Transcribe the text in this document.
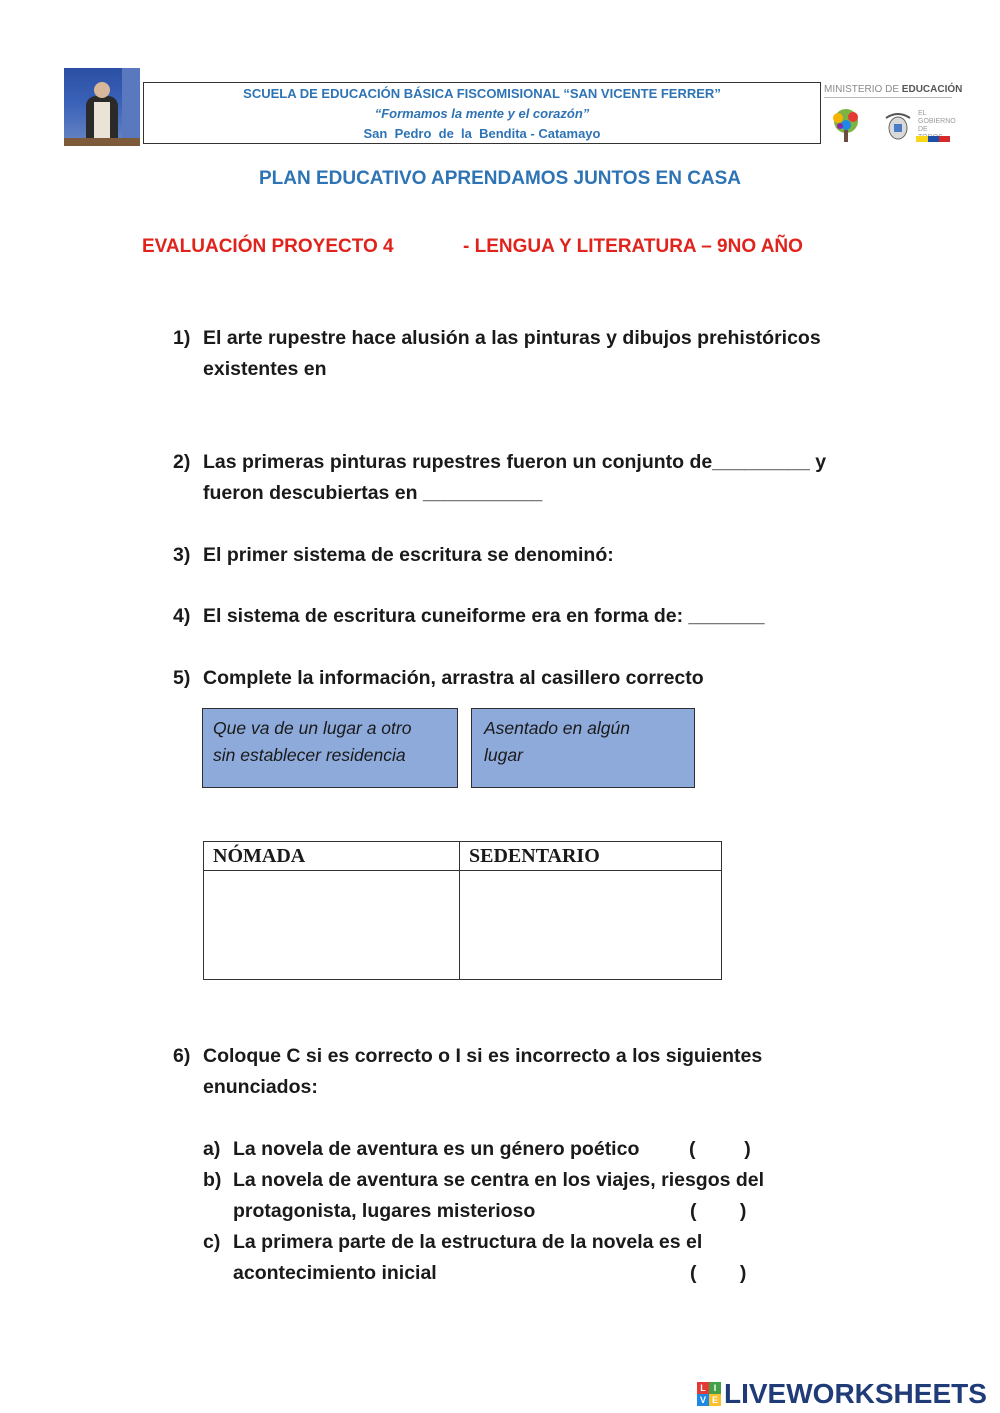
SCUELA DE EDUCACIÓN BÁSICA FISCOMISIONAL “SAN VICENTE FERRER”
“Formamos la mente y el corazón”
San  Pedro  de  la  Bendita - Catamayo
MINISTERIO DE EDUCACIÓN
EL GOBIERNO DE
PLAN EDUCATIVO APRENDAMOS JUNTOS EN CASA
EVALUACIÓN PROYECTO 4	- LENGUA Y LITERATURA – 9NO AÑO
1) El arte rupestre hace alusión a las pinturas y dibujos prehistóricos
existentes en
2) Las primeras pinturas rupestres fueron un conjunto de_________ y
fueron descubiertas en ___________
3) El primer sistema de escritura se denominó:
4) El sistema de escritura cuneiforme era en forma de: _______
5) Complete la información, arrastra al casillero correcto
Que va de un lugar a otro
sin establecer residencia
Asentado en algún
lugar
NÓMADA	SEDENTARIO

6) Coloque C si es correcto o I si es incorrecto a los siguientes
enunciados:
a) La novela de aventura es un género poético	(         )
b) La novela de aventura se centra en los viajes, riesgos del
protagonista, lugares misterioso	(        )
c) La primera parte de la estructura de la novela es el
acontecimiento inicial	(        )
L I
V E LIVEWORKSHEETS
